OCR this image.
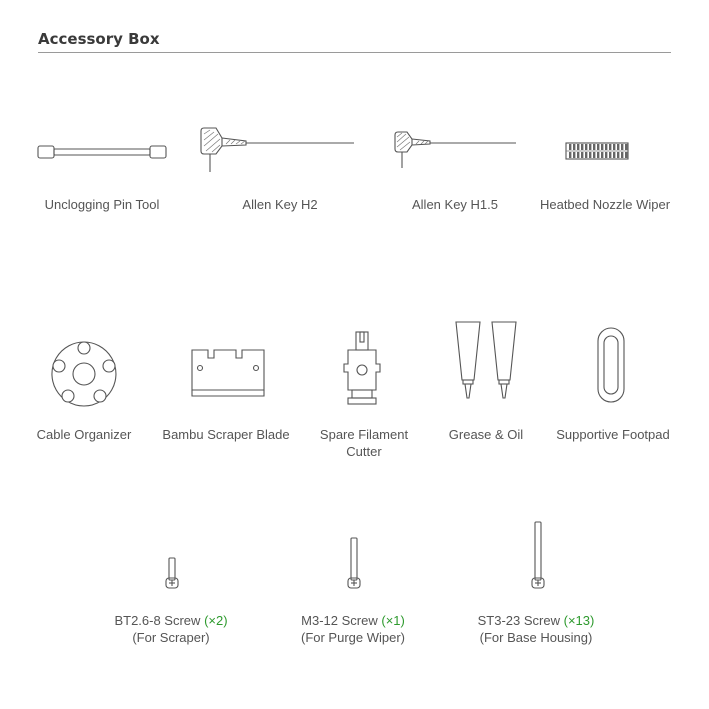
Accessory Box
Unclogging Pin Tool	Allen Key H2	Allen Key H1.5	Heatbed Nozzle Wiper
Cable Organizer	Bambu Scraper Blade	Spare Filament
Cutter
Grease & Oil	Supportive Footpad
BT2.6-8 Screw (×2)
(For Scraper)
M3-12 Screw (×1)
(For Purge Wiper)
ST3-23 Screw (×13)
(For Base Housing)
